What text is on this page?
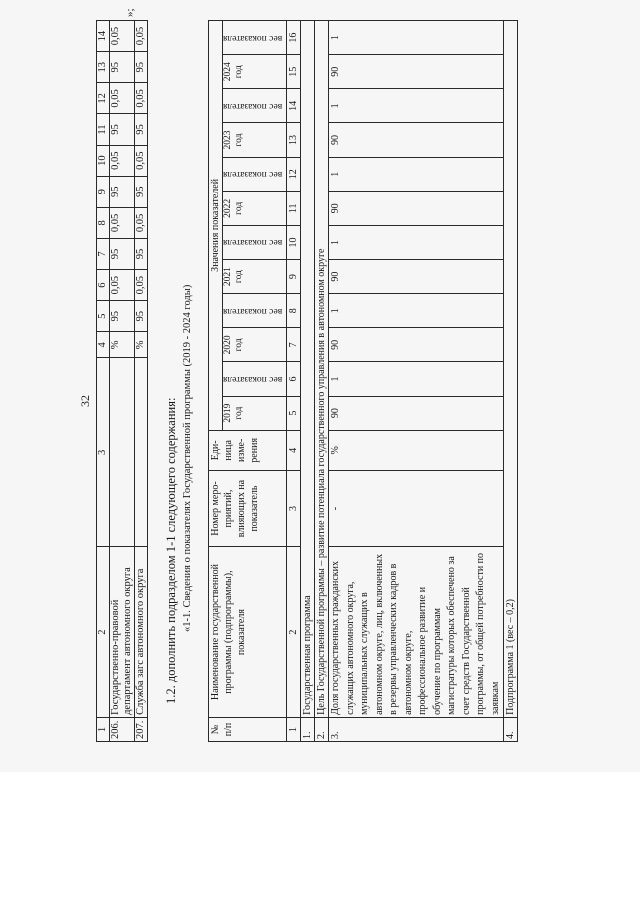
32
1	2	3	4	5	6	7	8	9	10	11	12	13	14
206.	Государственно-правовой департамент автономного округа		%	95	0,05	95	0,05	95	0,05	95	0,05	95	0,05
207.	Служба загс автономного округа		%	95	0,05	95	0,05	95	0,05	95	0,05	95	0,05
»;
1.2. дополнить подразделом 1-1 следующего содержания: «1-1. Сведения о показателях Государственной программы (2019 - 2024 годы)
№ п/п	Наименование государственной программы (подпрограммы), показателя	Номер меро-приятий, влияющих на показатель	Еди-ница изме-рения	Значения показателей											
				2019 год	вес показателя	2020 год	вес показателя	2021 год	вес показателя	2022 год	вес показателя	2023 год	вес показателя	2024 год	вес показателя

1	2	3	4	5	6	7	8	9	10	11	12	13	14	15	16
1.	Государственная программа														
2.	Цель Государственной программы – развитие потенциала государственного управления в автономном округе														
3.	Доля государственных гражданских служащих автономного округа, муниципальных служащих в автономном округе, лиц, включенных в резервы управленческих кадров в автономном округе, профессиональное развитие и обучение по программам магистратуры которых обеспечено за счет средств Государственной программы, от общей потребности по заявкам	-	%	90	1	90	1	90	1	90	1	90	1	90	1
4.	Подпрограмма 1 (вес – 0,2)														
